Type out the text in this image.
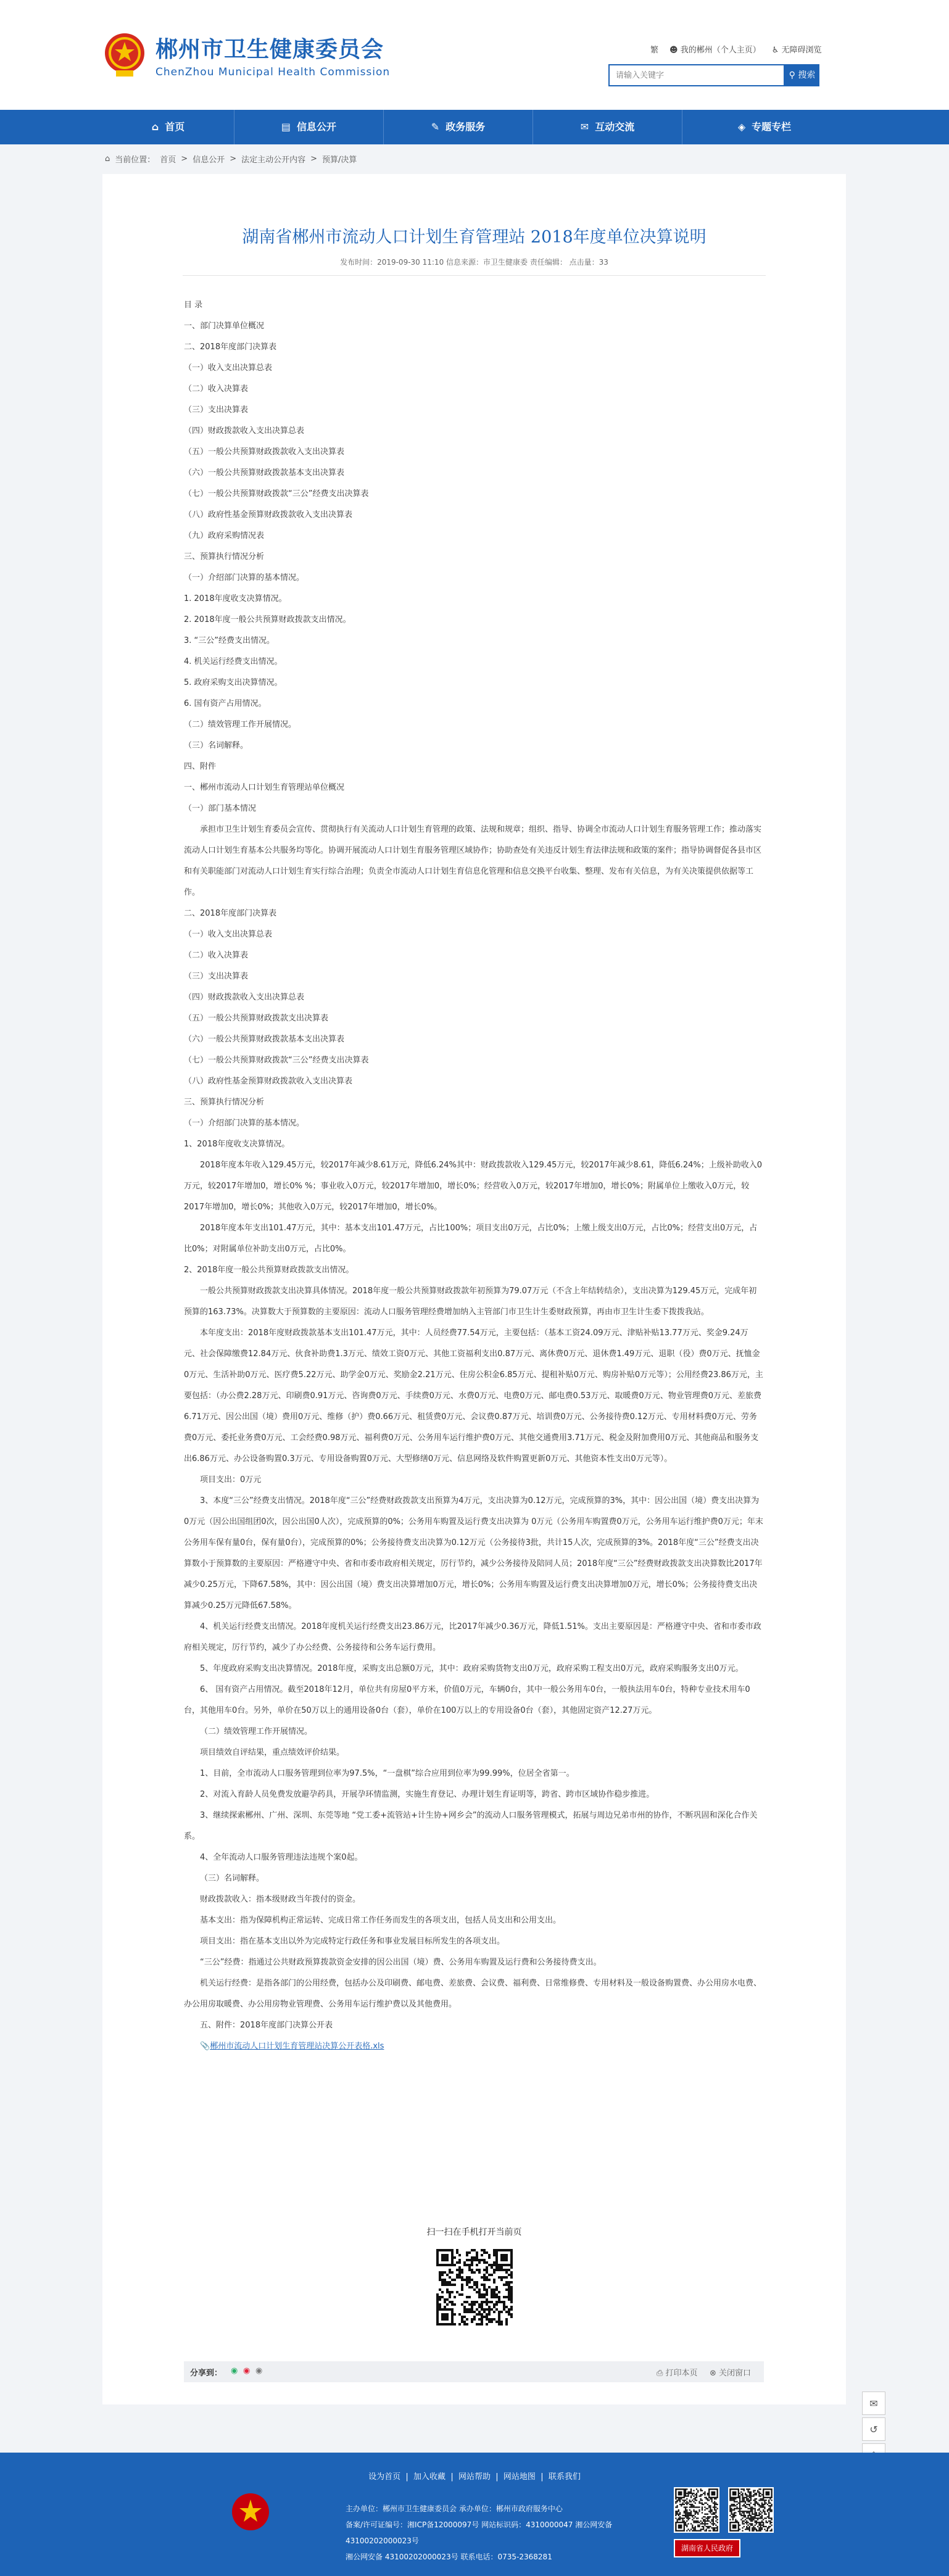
郴州市卫生健康委员会
ChenZhou Municipal Health Commission
繁 ☻ 我的郴州（个人主页） ♿ 无障碍浏览
请输入关键字
⚲ 搜索
⌂ 首页	▤ 信息公开	✎ 政务服务	✉ 互动交流	◈ 专题专栏
⌂ 当前位置： 首页 > 信息公开 > 法定主动公开内容 > 预算/决算
湖南省郴州市流动人口计划生育管理站 2018年度单位决算说明
发布时间：2019-09-30 11:10 信息来源：市卫生健康委 责任编辑： 点击量：33

目 录

一、部门决算单位概况

二、2018年度部门决算表

（一）收入支出决算总表

（二）收入决算表

（三）支出决算表

（四）财政拨款收入支出决算总表

（五）一般公共预算财政拨款收入支出决算表

（六）一般公共预算财政拨款基本支出决算表

（七）一般公共预算财政拨款“三公”经费支出决算表

（八）政府性基金预算财政拨款收入支出决算表

（九）政府采购情况表

三、预算执行情况分析

（一）介绍部门决算的基本情况。

1. 2018年度收支决算情况。

2. 2018年度一般公共预算财政拨款支出情况。

3. “三公”经费支出情况。

4. 机关运行经费支出情况。

5. 政府采购支出决算情况。

6. 国有资产占用情况。

（二）绩效管理工作开展情况。

（三）名词解释。

四、附件

一、郴州市流动人口计划生育管理站单位概况

（一）部门基本情况

承担市卫生计划生育委员会宣传、贯彻执行有关流动人口计划生育管理的政策、法规和规章；组织、指导、协调全市流动人口计划生育服务管理工作；推动落实流动人口计划生育基本公共服务均等化。协调开展流动人口计划生育服务管理区域协作；协助查处有关违反计划生育法律法规和政策的案件；指导协调督促各县市区和有关职能部门对流动人口计划生育实行综合治理；负责全市流动人口计划生育信息化管理和信息交换平台收集、整理、发布有关信息，为有关决策提供依据等工作。

二、2018年度部门决算表

（一）收入支出决算总表

（二）收入决算表

（三）支出决算表

（四）财政拨款收入支出决算总表

（五）一般公共预算财政拨款支出决算表

（六）一般公共预算财政拨款基本支出决算表

（七）一般公共预算财政拨款“三公”经费支出决算表

（八）政府性基金预算财政拨款收入支出决算表

三、预算执行情况分析

（一）介绍部门决算的基本情况。

1、2018年度收支决算情况。

2018年度本年收入129.45万元，较2017年减少8.61万元，降低6.24%其中：财政拨款收入129.45万元，较2017年减少8.61，降低6.24%；上级补助收入0万元，较2017年增加0，增长0% %；事业收入0万元，较2017年增加0，增长0%；经营收入0万元，较2017年增加0，增长0%；附属单位上缴收入0万元，较2017年增加0，增长0%；其他收入0万元，较2017年增加0，增长0%。

2018年度本年支出101.47万元，其中：基本支出101.47万元，占比100%；项目支出0万元，占比0%；上缴上级支出0万元，占比0%；经营支出0万元，占比0%；对附属单位补助支出0万元，占比0%。

2、2018年度一般公共预算财政拨款支出情况。

一般公共预算财政拨款支出决算具体情况。2018年度一般公共预算财政拨款年初预算为79.07万元（不含上年结转结余），支出决算为129.45万元，完成年初预算的163.73%。决算数大于预算数的主要原因：流动人口服务管理经费增加纳入主管部门市卫生计生委财政预算，再由市卫生计生委下拨拨我站。

本年度支出：2018年度财政拨款基本支出101.47万元，其中：人员经费77.54万元，主要包括：（基本工资24.09万元、津贴补贴13.77万元、奖金9.24万元、社会保障缴费12.84万元、伙食补助费1.3万元、绩效工资0万元、其他工资福利支出0.87万元、离休费0万元、退休费1.49万元、退职（役）费0万元、抚恤金0万元、生活补助0万元、医疗费5.22万元、助学金0万元、奖励金2.21万元、住房公积金6.85万元、提租补贴0万元、购房补贴0万元等）；公用经费23.86万元，主要包括：（办公费2.28万元、印刷费0.91万元、咨询费0万元、手续费0万元、水费0万元、电费0万元、邮电费0.53万元、取暖费0万元、物业管理费0万元、差旅费6.71万元、因公出国（境）费用0万元、维修（护）费0.66万元、租赁费0万元、会议费0.87万元、培训费0万元、公务接待费0.12万元、专用材料费0万元、劳务费0万元、委托业务费0万元、工会经费0.98万元、福利费0万元、公务用车运行维护费0万元、其他交通费用3.71万元、税金及附加费用0万元、其他商品和服务支出6.86万元、办公设备购置0.3万元、专用设备购置0万元、大型修缮0万元、信息网络及软件购置更新0万元、其他资本性支出0万元等）。

项目支出：0万元

3、本度“三公”经费支出情况。2018年度“三公”经费财政拨款支出预算为4万元，支出决算为0.12万元，完成预算的3%，其中：因公出国（境）费支出决算为0万元（因公出国组团0次，因公出国0人次），完成预算的0%；公务用车购置及运行费支出决算为 0万元（公务用车购置费0万元，公务用车运行维护费0万元；年末公务用车保有量0台，保有量0台），完成预算的0%；公务接待费支出决算为0.12万元（公务接待3批，共计15人次，完成预算的3%。2018年度“三公”经费支出决算数小于预算数的主要原因：严格遵守中央、省和市委市政府相关规定，厉行节约，减少公务接待及陪同人员；2018年度“三公”经费财政拨款支出决算数比2017年减少0.25万元，下降67.58%，其中：因公出国（境）费支出决算增加0万元，增长0%；公务用车购置及运行费支出决算增加0万元，增长0%；公务接待费支出决算减少0.25万元降低67.58%。

4、机关运行经费支出情况。2018年度机关运行经费支出23.86万元，比2017年减少0.36万元，降低1.51%。支出主要原因是：严格遵守中央、省和市委市政府相关规定，厉行节约，减少了办公经费、公务接待和公务车运行费用。

5、年度政府采购支出决算情况。2018年度，采购支出总额0万元，其中：政府采购货物支出0万元，政府采购工程支出0万元，政府采购服务支出0万元。

6、 国有资产占用情况。截至2018年12月，单位共有房屋0平方米，价值0万元，车辆0台，其中一般公务用车0台，一般执法用车0台，特种专业技术用车0台，其他用车0台。另外，单价在50万以上的通用设备0台（套），单价在100万以上的专用设备0台（套），其他固定资产12.27万元。

（二）绩效管理工作开展情况。

项目绩效自评结果，重点绩效评价结果。

1、目前，全市流动人口服务管理到位率为97.5%，“一盘棋”综合应用到位率为99.99%，位居全省第一。

2、对流入育龄人员免费发放避孕药具，开展孕环情监测，实施生育登记、办理计划生育证明等，跨省、跨市区域协作稳步推进。

3、继续探索郴州、广州、深圳、东莞等地 “党工委+流管站+计生协+网乡会”的流动人口服务管理模式，拓展与周边兄弟市州的协作，不断巩固和深化合作关系。

4、全年流动人口服务管理违法违规个案0起。

（三）名词解释。

财政拨款收入：指本级财政当年拨付的资金。

基本支出：指为保障机构正常运转、完成日常工作任务而发生的各项支出，包括人员支出和公用支出。

项目支出：指在基本支出以外为完成特定行政任务和事业发展目标所发生的各项支出。

“三公”经费：指通过公共财政预算拨款资金安排的因公出国（境）费、公务用车购置及运行费和公务接待费支出。

机关运行经费：是指各部门的公用经费，包括办公及印刷费、邮电费、差旅费、会议费、福利费、日常维修费、专用材料及一般设备购置费、办公用房水电费、办公用房取暖费、办公用房物业管理费、公务用车运行维护费以及其他费用。

五、附件：2018年度部门决算公开表

📎郴州市流动人口计划生育管理站决算公开表格.xls

扫一扫在手机打开当前页
分享到： ◉ ◉ ◉	⎙ 打印本页 ⊗ 关闭窗口
✉
↺
设为首页  |  加入收藏  |  网站帮助  |  网站地图  |  联系我们
主办单位：郴州市卫生健康委员会 承办单位：郴州市政府服务中心
备案/许可证编号：湘ICP备12000097号 网站标识码：4310000047 湘公网安备 43100202000023号
湘公网安备 43100202000023号 联系电话：0735-2368281
湖南省人民政府
